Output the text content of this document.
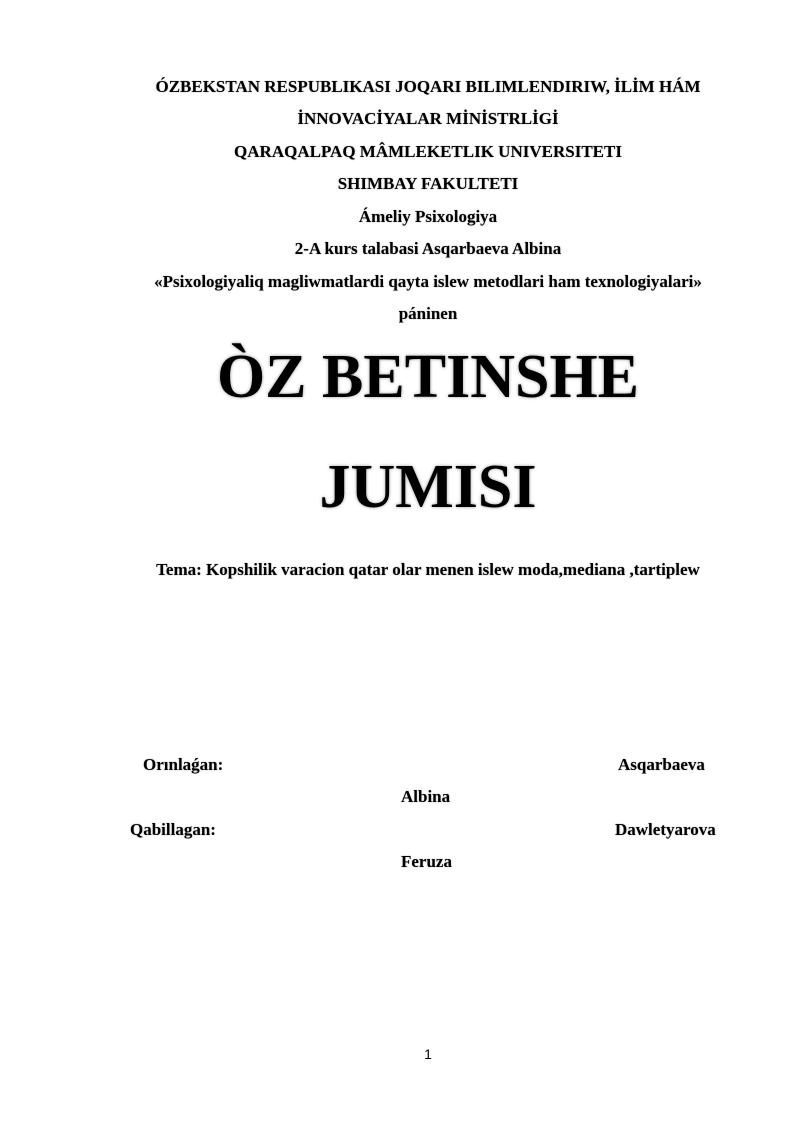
ÓZBEKSTAN RESPUBLIKASI JOQARI BILIMLENDIRIW, İLİM HÁM
İNNOVACİYALAR MİNİSTRLİGİ
QARAQALPAQ MÂMLEKETLIK UNIVERSITETI
SHIMBAY FAKULTETI
Ámeliy Psixologiya
2-A kurs talabasi Asqarbaeva Albina
«Psixologiyaliq magliwmatlardi qayta islew metodlari ham texnologiyalari»
páninen
ÒZ BETINSHE
JUMISI
Tema: Kopshilik varacion qatar olar menen islew moda,mediana ,tartiplew
Orınlaǵan:	Asqarbaeva
Albina
Qabillagan:	Dawletyarova
Feruza
1
